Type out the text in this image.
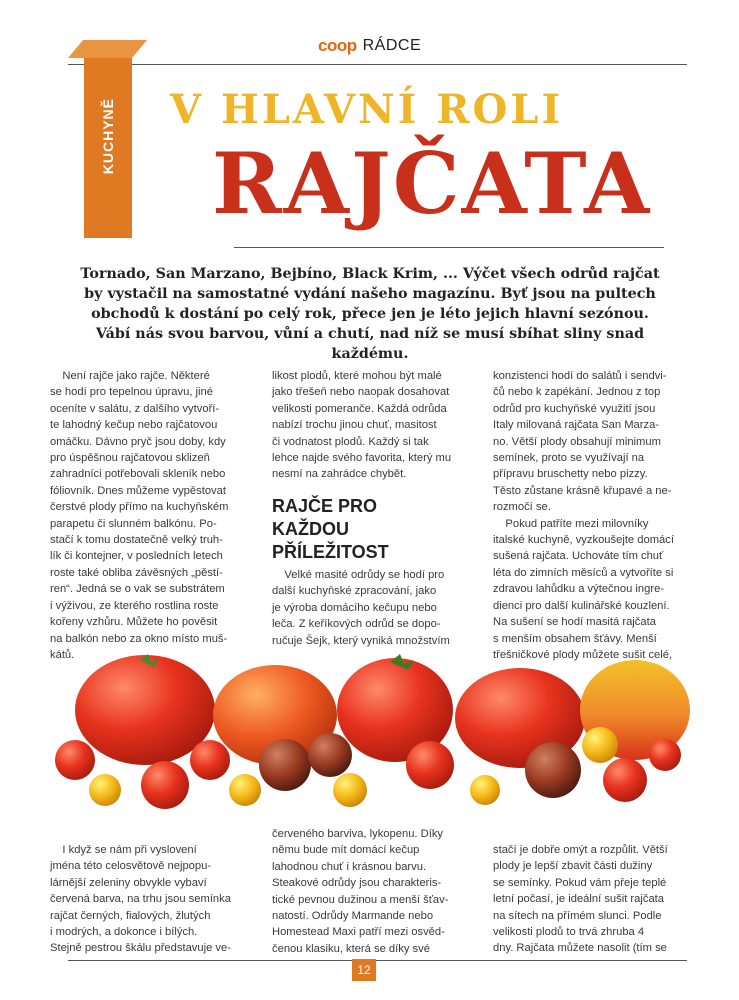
coop RÁDCE
KUCHYNĚ V HLAVNÍ ROLI
RAJČATA
Tornado, San Marzano, Bejbíno, Black Krim, ... Výčet všech odrůd rajčat by vystačil na samostatné vydání našeho magazínu. Byť jsou na pultech obchodů k dostání po celý rok, přece jen je léto jejich hlavní sezónou. Vábí nás svou barvou, vůní a chutí, nad níž se musí sbíhat sliny snad každému.
Není rajče jako rajče. Některé
se hodí pro tepelnou úpravu, jiné
oceníte v salátu, z dalšího vytvoří-
te lahodný kečup nebo rajčatovou
omáčku. Dávno pryč jsou doby, kdy
pro úspěšnou rajčatovou sklizeň
zahradníci potřebovali skleník nebo
fóliovník. Dnes můžeme vypěstovat
čerstvé plody přímo na kuchyňském
parapetu či slunném balkónu. Po-
stačí k tomu dostatečně velký truh-
lík či kontejner, v posledních letech
roste také obliba závěsných „pěstí-
ren“. Jedná se o vak se substrátem
i výživou, ze kterého rostlina roste
kořeny vzhůru. Můžete ho pověsit
na balkón nebo za okno místo muš-
kátů.
likost plodů, které mohou být malé
jako třešeň nebo naopak dosahovat
velikosti pomeranče. Každá odrůda
nabízí trochu jinou chuť, masitost
či vodnatost plodů. Každý si tak
lehce najde svého favorita, který mu
nesmí na zahrádce chybět.
RAJČE PRO
KAŽDOU
PŘÍLEŽITOST
Velké masité odrůdy se hodí pro
další kuchyňské zpracování, jako
je výroba domácího kečupu nebo
leča. Z keříkových odrůd se dopo-
ručuje Šejk, který vyniká množstvím
konzistenci hodí do salátů i sendvi-
čů nebo k zapékání. Jednou z top
odrůd pro kuchyňské využití jsou
Italy milovaná rajčata San Marza-
no. Větší plody obsahují minimum
semínek, proto se využívají na
přípravu bruschetty nebo pizzy.
Těsto zůstane krásně křupavé a ne-
rozmočí se.
Pokud patříte mezi milovníky
italské kuchyně, vyzkoušejte domácí
sušená rajčata. Uchováte tím chuť
léta do zimních měsíců a vytvoříte si
zdravou lahůdku a výtečnou ingre-
dienci pro další kulinářské kouzlení.
Na sušení se hodí masitá rajčata
s menším obsahem šťávy. Menší
třešničkové plody můžete sušit celé,
I když se nám při vyslovení
jména této celosvětově nejpopu-
lárnější zeleniny obvykle vybaví
červená barva, na trhu jsou semínka
rajčat černých, fialových, žlutých
i modrých, a dokonce i bílých.
Stejně pestrou škálu představuje ve-
červeného barviva, lykopenu. Díky
němu bude mít domácí kečup
lahodnou chuť i krásnou barvu.
Steakové odrůdy jsou charakteris-
tické pevnou dužinou a menší šťav-
natostí. Odrůdy Marmande nebo
Homestead Maxi patří mezi osvěd-
čenou klasiku, která se díky své
stačí je dobře omýt a rozpůlit. Větší
plody je lepší zbavit části dužiny
se semínky. Pokud vám přeje teplé
letní počasí, je ideální sušit rajčata
na sítech na přímém slunci. Podle
velikosti plodů to trvá zhruba 4
dny. Rajčata můžete nasolit (tím se
12
